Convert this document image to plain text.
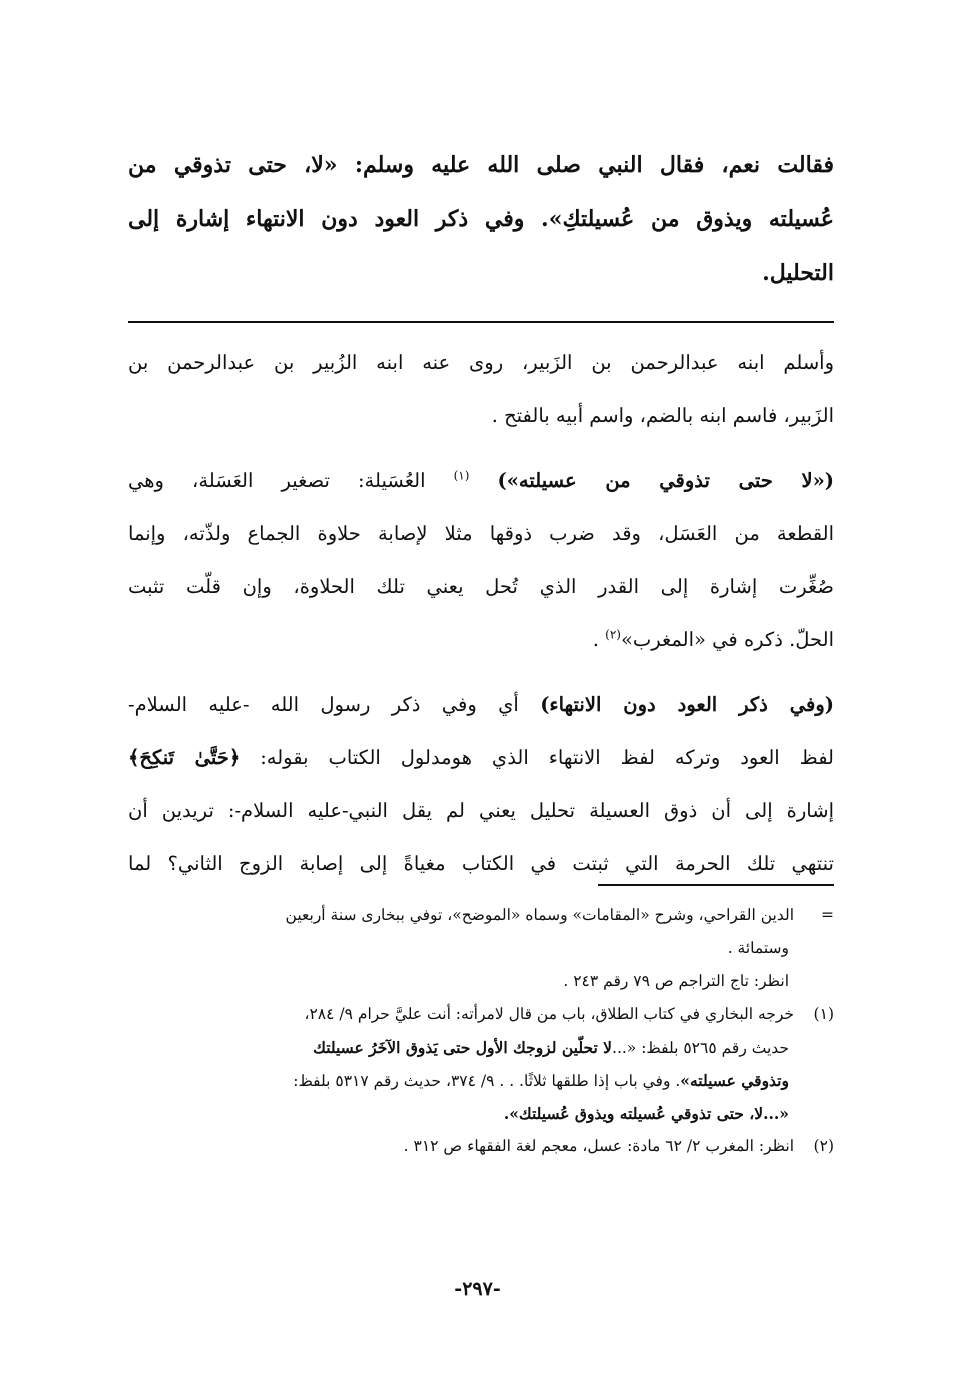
فقالت نعم، فقال النبي صلى الله عليه وسلم: «لا، حتى تذوقي من
عُسيلته ويذوق من عُسيلتكِ». وفي ذكر العود دون الانتهاء إشارة إلى
التحليل.
وأسلم ابنه عبدالرحمن بن الزَبير، روى عنه ابنه الزُبير بن عبدالرحمن بن
الزَبير، فاسم ابنه بالضم، واسم أبيه بالفتح .
(«لا حتى تذوقي من عسيلته») $^{(١)}$ العُسَيلة: تصغير العَسَلة، وهي
القطعة من العَسَل، وقد ضرب ذوقها مثلا لإصابة حلاوة الجماع ولذّته، وإنما
صُغِّرت إشارة إلى القدر الذي تُحل يعني تلك الحلاوة، وإن قلّت تثبت
الحلّ. ذكره في «المغرب»$^{(٢)}$ .
(وفي ذكر العود دون الانتهاء) أي وفي ذكر رسول الله -عليه السلام-
لفظ العود وتركه لفظ الانتهاء الذي هومدلول الكتاب بقوله: ﴿حَتَّىٰ تَنكِحَ﴾
إشارة إلى أن ذوق العسيلة تحليل يعني لم يقل النبي-عليه السلام-: تريدين أن
تنتهي تلك الحرمة التي ثبتت في الكتاب مغياةً إلى إصابة الزوج الثاني؟ لما
=الدين القراحي، وشرح «المقامات» وسماه «الموضح»، توفي ببخارى سنة أربعين
وستمائة .
انظر: تاج التراجم ص ٧٩ رقم ٢٤٣ .
(١)خرجه البخاري في كتاب الطلاق، باب من قال لامرأته: أنت عليَّ حرام ٩/ ٢٨٤،
حديث رقم ٥٢٦٥ بلفظ: «...لا تحلّين لزوجك الأول حتى يَذوق الآخَرُ عسيلتك
وتذوقي عسيلته». وفي باب إذا طلقها ثلاثًا. . . ٩/ ٣٧٤، حديث رقم ٥٣١٧ بلفظ:
«...لا، حتى تذوقي عُسيلته ويذوق عُسيلتك».
(٢)انظر: المغرب ٢/ ٦٢ مادة: عسل، معجم لغة الفقهاء ص ٣١٢ .
-٢٩٧-
